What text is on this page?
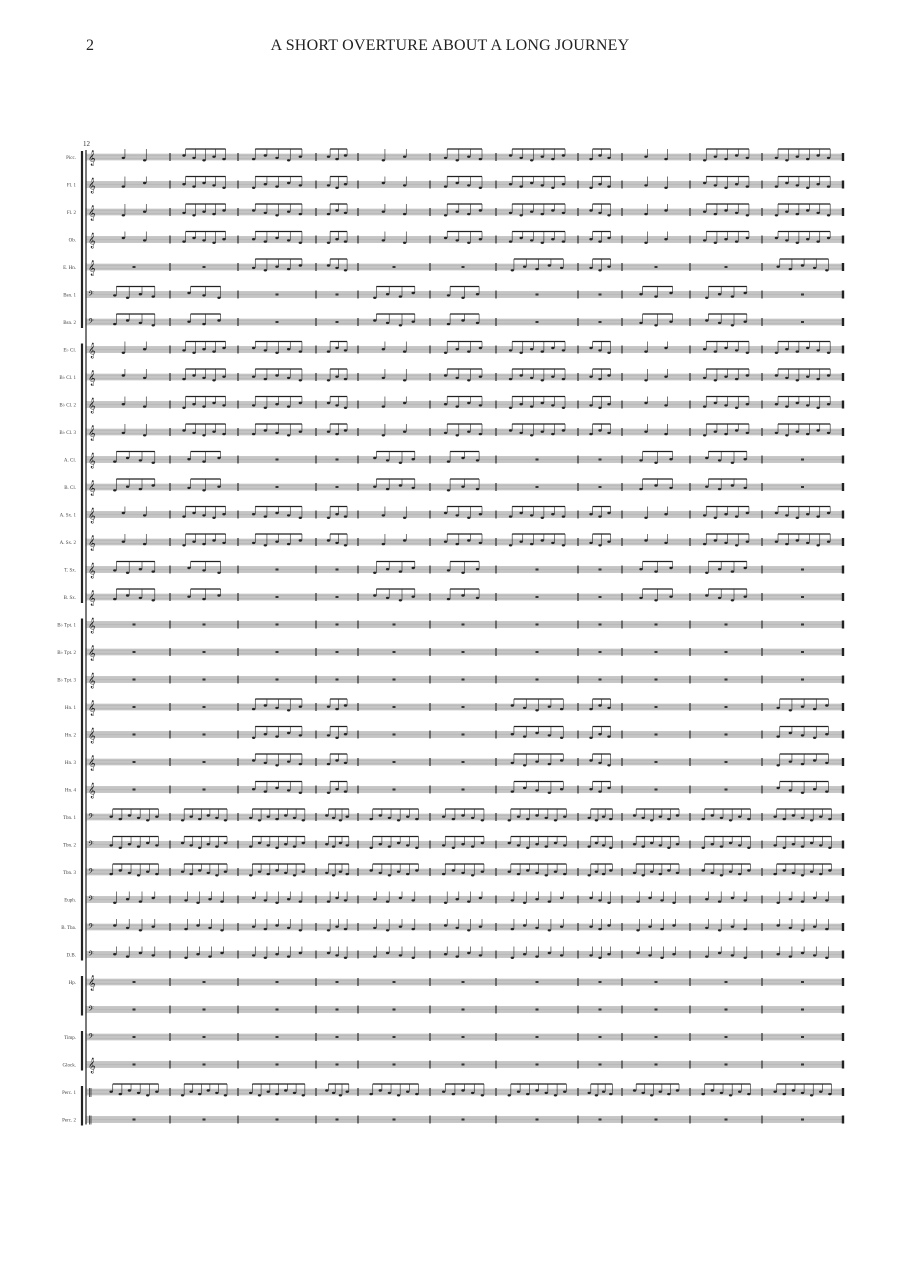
2	A SHORT OVERTURE ABOUT A LONG JOURNEY
12
Picc. 𝄞
Fl. 1 𝄞
Fl. 2 𝄞
Ob. 𝄞
E. Hn. 𝄞
Bsn. 1 𝄢
Bsn. 2 𝄢
E♭ Cl. 𝄞
B♭ Cl. 1 𝄞
B♭ Cl. 2 𝄞
B♭ Cl. 3 𝄞
A. Cl. 𝄞
B. Cl. 𝄞
A. Sx. 1 𝄞
A. Sx. 2 𝄞
T. Sx. 𝄞
B. Sx. 𝄞
B♭ Tpt. 1 𝄞
B♭ Tpt. 2 𝄞
B♭ Tpt. 3 𝄞
Hn. 1 𝄞
Hn. 2 𝄞
Hn. 3 𝄞
Hn. 4 𝄞
Tbn. 1 𝄢
Tbn. 2 𝄢
Tbn. 3 𝄢
Euph. 𝄢
B. Tba. 𝄢
D.B. 𝄢
Hp. 𝄞
𝄢
Timp. 𝄢
Glock. 𝄞
Perc. 1 ‖
Perc. 2 ‖
